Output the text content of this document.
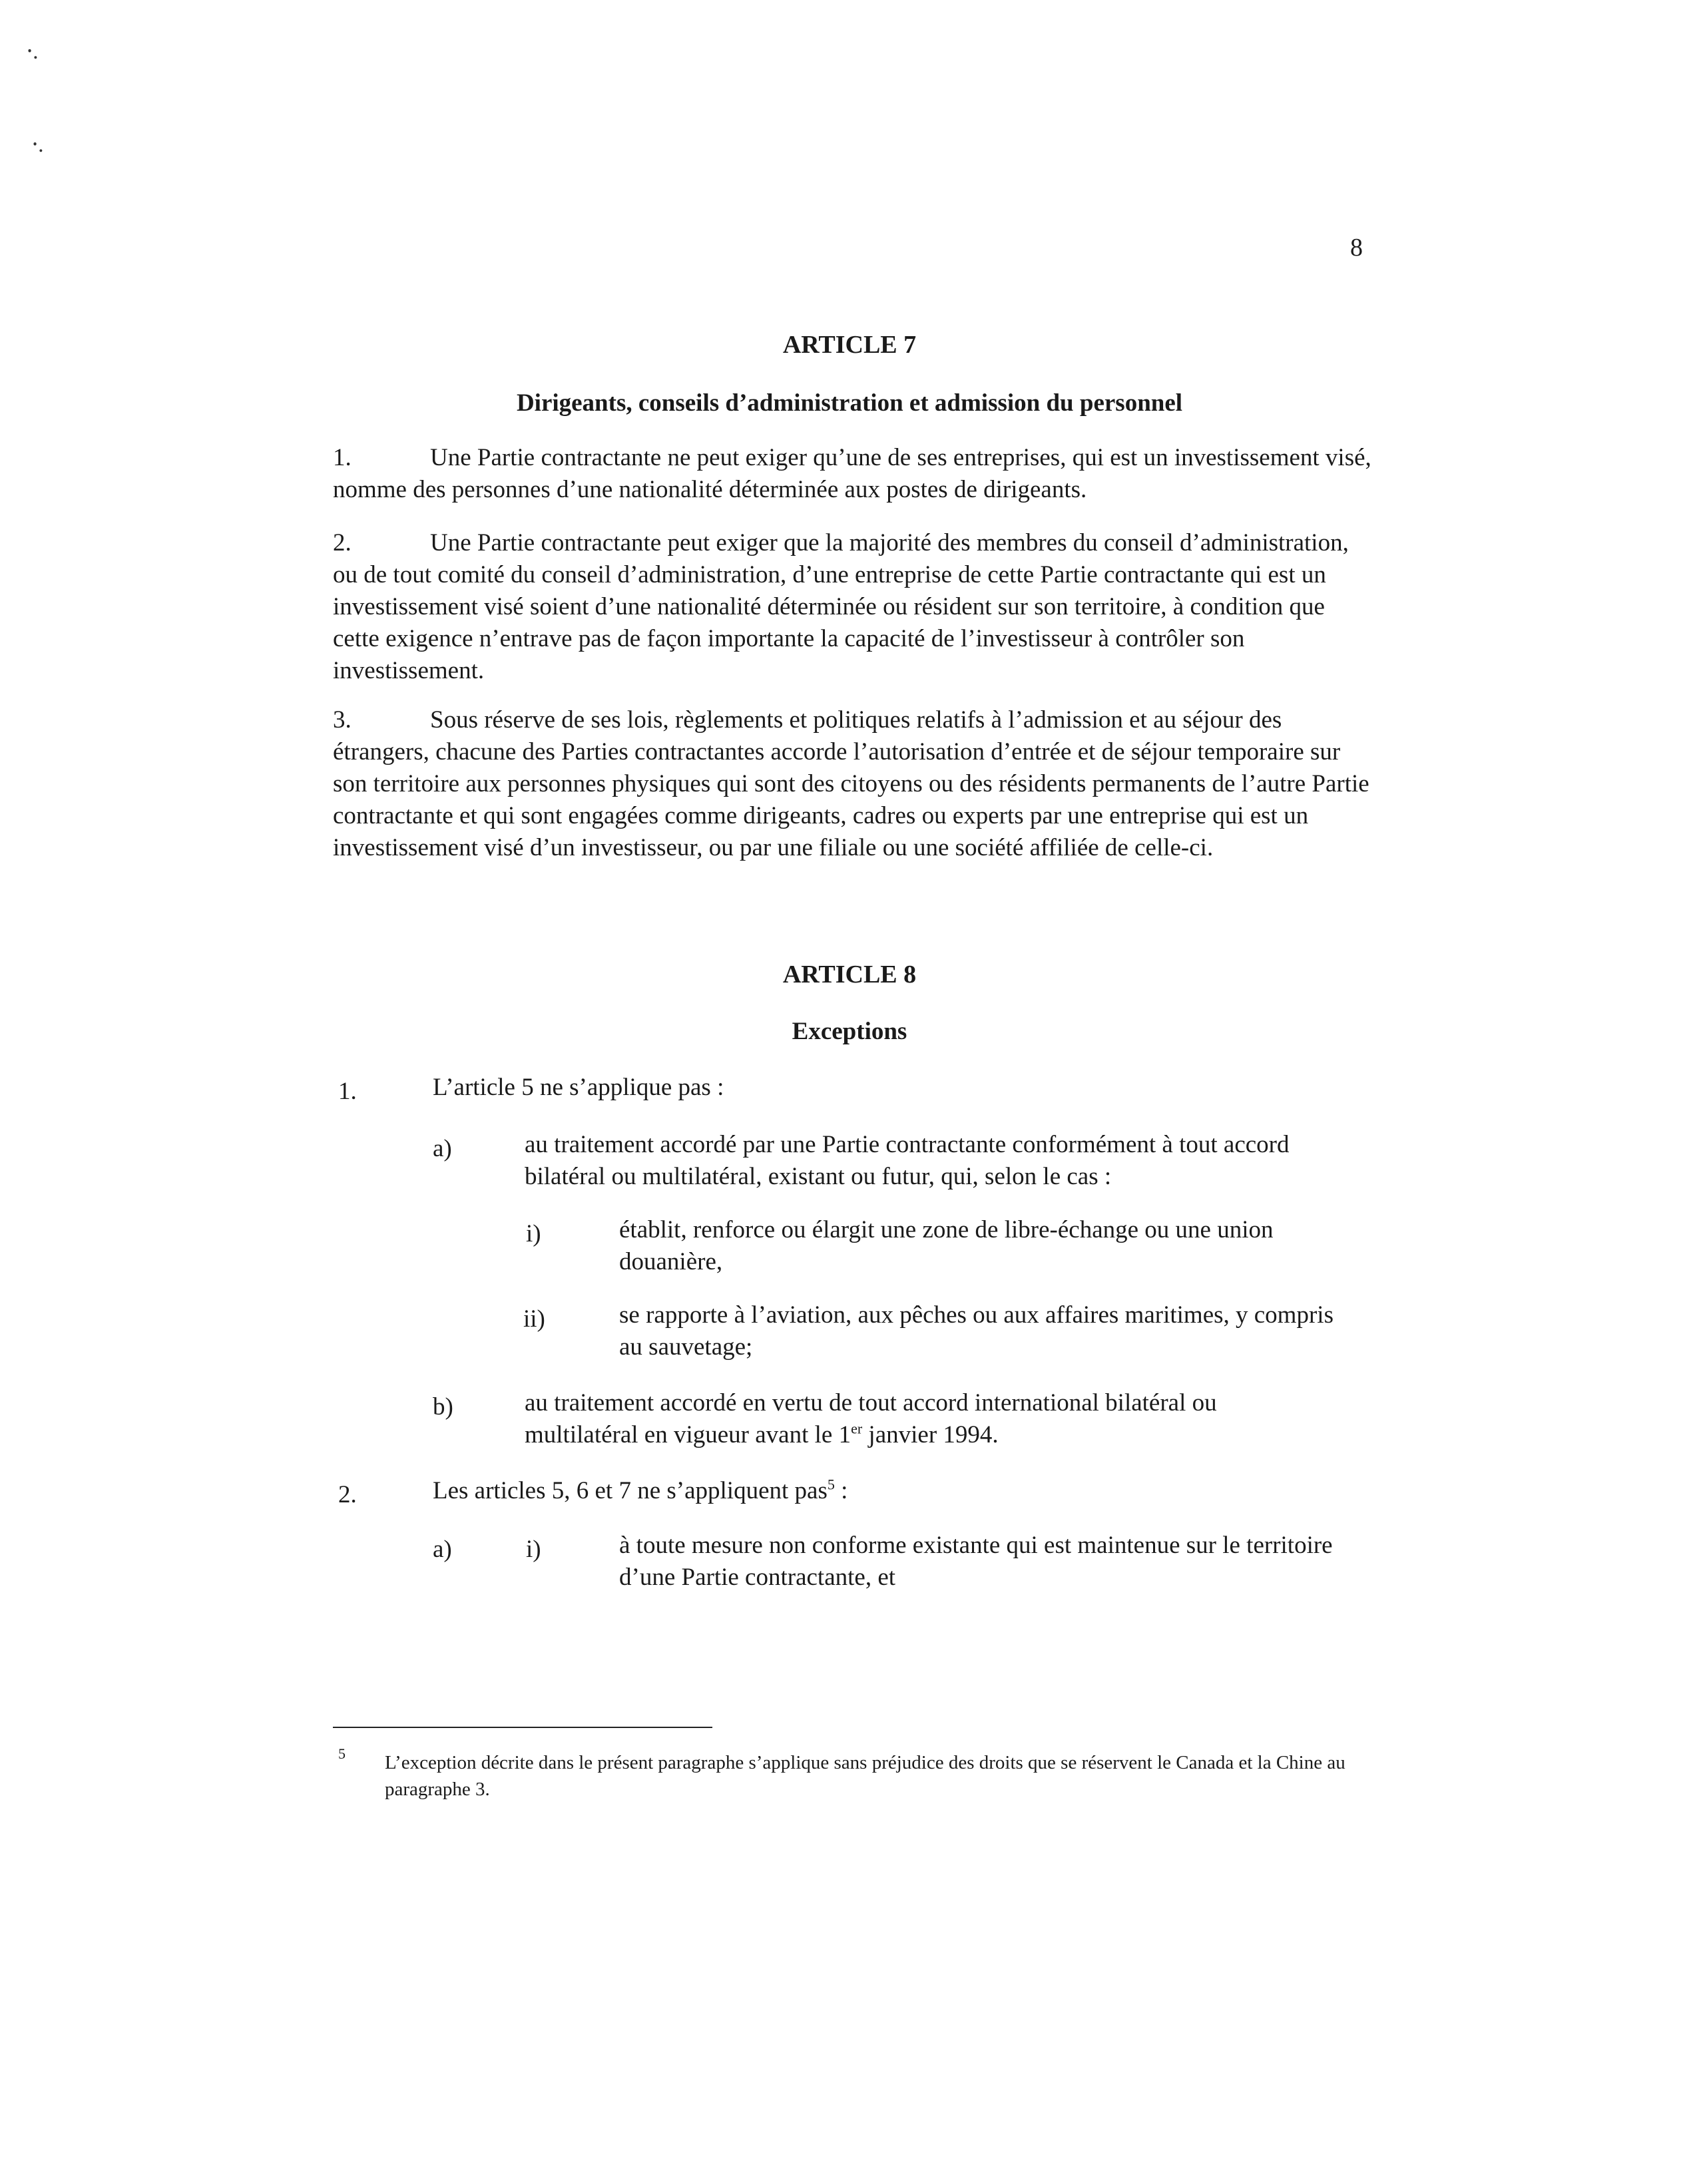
⸱.
⸱.
8
ARTICLE 7
Dirigeants, conseils d’administration et admission du personnel
1.	Une Partie contractante ne peut exiger qu’une de ses entreprises, qui est un investissement visé, nomme des personnes d’une nationalité déterminée aux postes de dirigeants.
2.	Une Partie contractante peut exiger que la majorité des membres du conseil d’administration, ou de tout comité du conseil d’administration, d’une entreprise de cette Partie contractante qui est un investissement visé soient d’une nationalité déterminée ou résident sur son territoire, à condition que cette exigence n’entrave pas de façon importante la capacité de l’investisseur à contrôler son investissement.
3.	Sous réserve de ses lois, règlements et politiques relatifs à l’admission et au séjour des étrangers, chacune des Parties contractantes accorde l’autorisation d’entrée et de séjour temporaire sur son territoire aux personnes physiques qui sont des citoyens ou des résidents permanents de l’autre Partie contractante et qui sont engagées comme dirigeants, cadres ou experts par une entreprise qui est un investissement visé d’un investisseur, ou par une filiale ou une société affiliée de celle-ci.
ARTICLE 8
Exceptions
1.	L’article 5 ne s’applique pas :
a)	au traitement accordé par une Partie contractante conformément à tout accord bilatéral ou multilatéral, existant ou futur, qui, selon le cas :
i)	établit, renforce ou élargit une zone de libre-échange ou une union douanière,
ii)	se rapporte à l’aviation, aux pêches ou aux affaires maritimes, y compris au sauvetage;
b)	au traitement accordé en vertu de tout accord international bilatéral ou multilatéral en vigueur avant le 1er janvier 1994.
2.	Les articles 5, 6 et 7 ne s’appliquent pas$^5$ :
a)	i)	à toute mesure non conforme existante qui est maintenue sur le territoire d’une Partie contractante, et
5 L’exception décrite dans le présent paragraphe s’applique sans préjudice des droits que se réservent le Canada et la Chine au paragraphe 3.
